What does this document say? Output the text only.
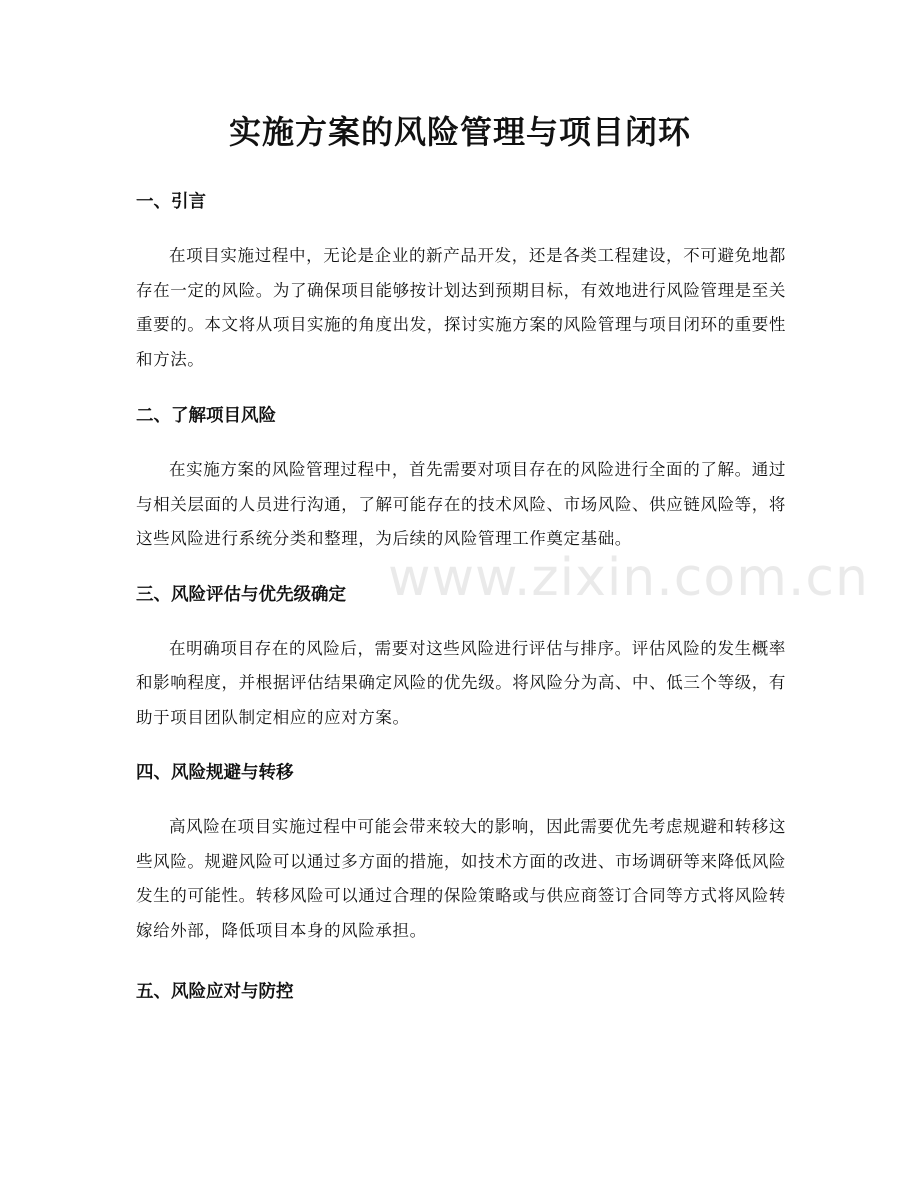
实施方案的风险管理与项目闭环
一、引言

在项目实施过程中，无论是企业的新产品开发，还是各类工程建设，不可避免地都存在一定的风险。为了确保项目能够按计划达到预期目标，有效地进行风险管理是至关重要的。本文将从项目实施的角度出发，探讨实施方案的风险管理与项目闭环的重要性和方法。

二、了解项目风险

在实施方案的风险管理过程中，首先需要对项目存在的风险进行全面的了解。通过与相关层面的人员进行沟通，了解可能存在的技术风险、市场风险、供应链风险等，将这些风险进行系统分类和整理，为后续的风险管理工作奠定基础。

三、风险评估与优先级确定

在明确项目存在的风险后，需要对这些风险进行评估与排序。评估风险的发生概率和影响程度，并根据评估结果确定风险的优先级。将风险分为高、中、低三个等级，有助于项目团队制定相应的应对方案。

四、风险规避与转移

高风险在项目实施过程中可能会带来较大的影响，因此需要优先考虑规避和转移这些风险。规避风险可以通过多方面的措施，如技术方面的改进、市场调研等来降低风险发生的可能性。转移风险可以通过合理的保险策略或与供应商签订合同等方式将风险转嫁给外部，降低项目本身的风险承担。

五、风险应对与防控
www.zixin.com.cn
